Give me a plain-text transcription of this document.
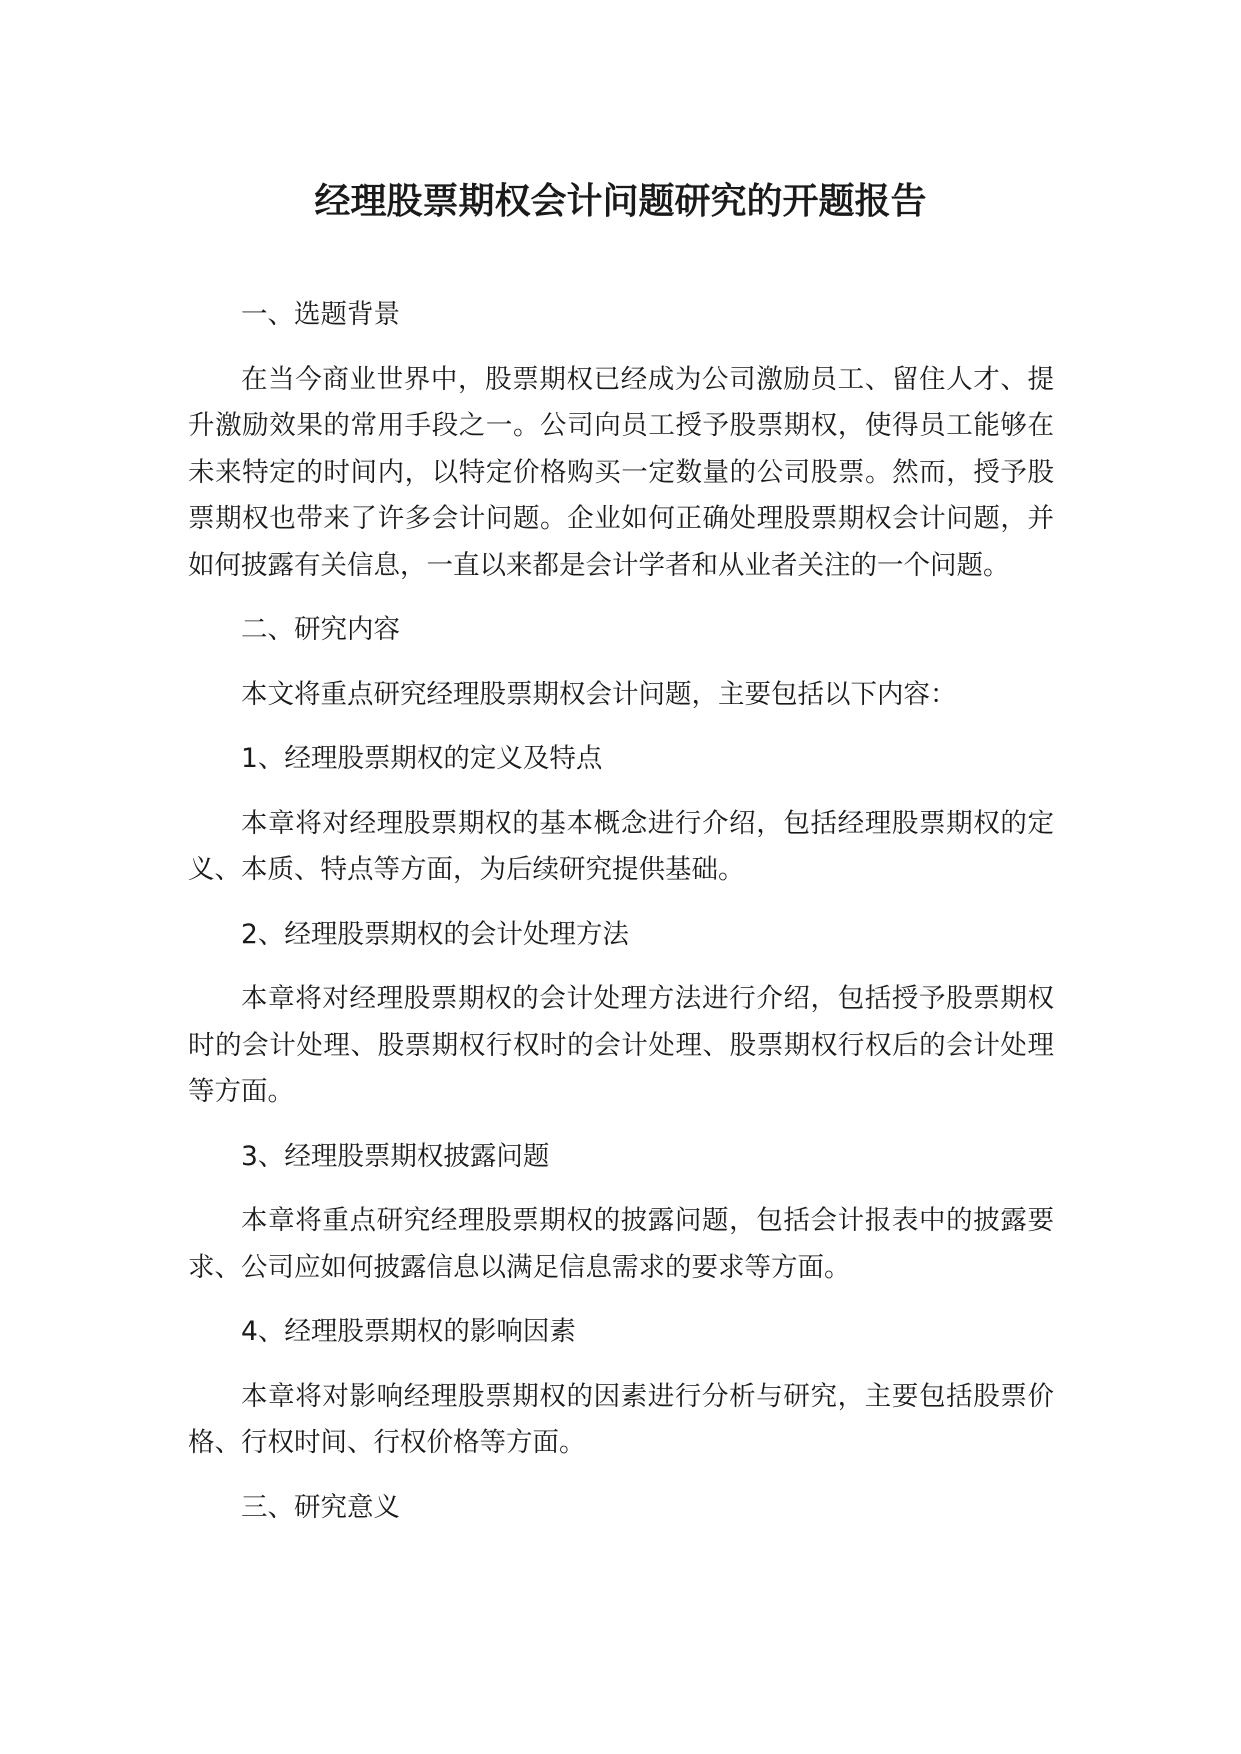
经理股票期权会计问题研究的开题报告

一、选题背景

在当今商业世界中，股票期权已经成为公司激励员工、留住人才、提升激励效果的常用手段之一。公司向员工授予股票期权，使得员工能够在未来特定的时间内，以特定价格购买一定数量的公司股票。然而，授予股票期权也带来了许多会计问题。企业如何正确处理股票期权会计问题，并如何披露有关信息，一直以来都是会计学者和从业者关注的一个问题。

二、研究内容

本文将重点研究经理股票期权会计问题，主要包括以下内容：

1、经理股票期权的定义及特点

本章将对经理股票期权的基本概念进行介绍，包括经理股票期权的定义、本质、特点等方面，为后续研究提供基础。

2、经理股票期权的会计处理方法

本章将对经理股票期权的会计处理方法进行介绍，包括授予股票期权时的会计处理、股票期权行权时的会计处理、股票期权行权后的会计处理等方面。

3、经理股票期权披露问题

本章将重点研究经理股票期权的披露问题，包括会计报表中的披露要求、公司应如何披露信息以满足信息需求的要求等方面。

4、经理股票期权的影响因素

本章将对影响经理股票期权的因素进行分析与研究，主要包括股票价格、行权时间、行权价格等方面。

三、研究意义
